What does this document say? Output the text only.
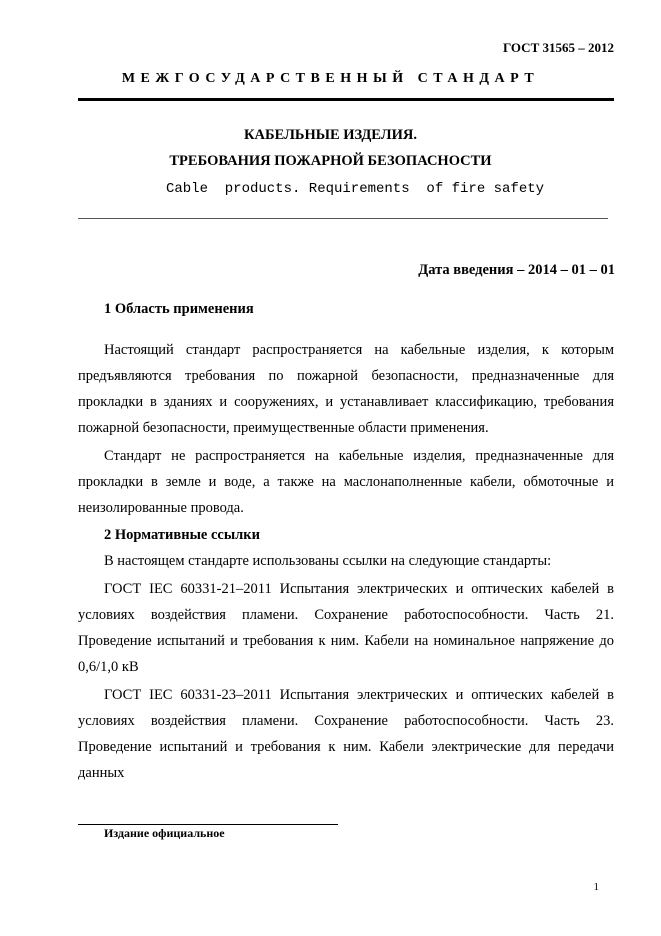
ГОСТ 31565 – 2012
МЕЖГОСУДАРСТВЕННЫЙ СТАНДАРТ
КАБЕЛЬНЫЕ ИЗДЕЛИЯ.
ТРЕБОВАНИЯ ПОЖАРНОЙ БЕЗОПАСНОСТИ
Cable  products. Requirements  of fire safety
Дата введения – 2014 – 01 – 01
1 Область применения

Настоящий стандарт распространяется на кабельные изделия, к которым предъявляются требования по пожарной безопасности, предназначенные для прокладки в зданиях и сооружениях, и устанавливает классификацию, требования пожарной безопасности, преимущественные области применения.

Стандарт не распространяется на кабельные изделия, предназначенные для прокладки в земле и воде, а также на маслонаполненные кабели, обмоточные и неизолированные провода.

2 Нормативные ссылки

В настоящем стандарте использованы ссылки на следующие стандарты:

ГОСТ IEC 60331-21–2011 Испытания электрических и оптических кабелей в условиях воздействия пламени. Сохранение работоспособности. Часть 21. Проведение испытаний и требования к ним. Кабели на номинальное напряжение до 0,6/1,0 кВ

ГОСТ IEC 60331-23–2011 Испытания электрических и оптических кабелей в условиях воздействия пламени. Сохранение работоспособности. Часть 23. Проведение испытаний и требования к ним. Кабели электрические для передачи данных

Издание официальное
1
